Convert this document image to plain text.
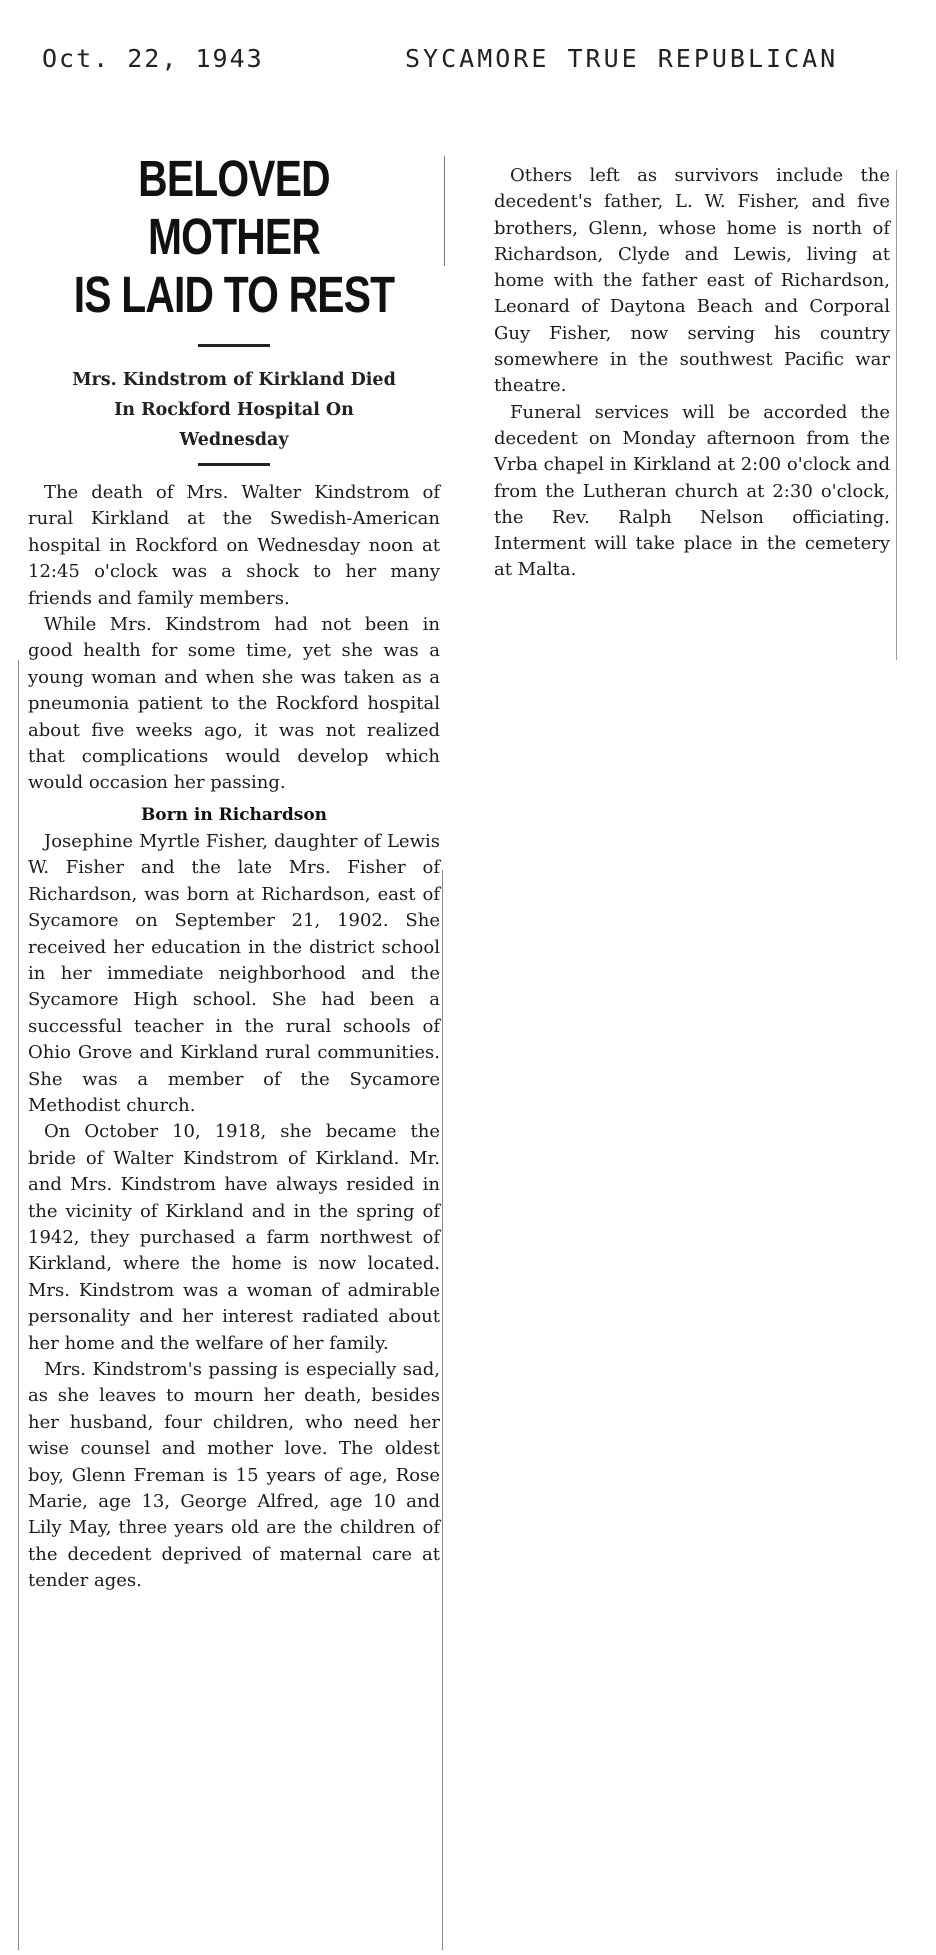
Oct. 22, 1943	SYCAMORE TRUE REPUBLICAN

BELOVED MOTHER

IS LAID TO REST

Mrs. Kindstrom of Kirkland Died

In Rockford Hospital On

Wednesday

The death of Mrs. Walter Kindstrom of rural Kirkland at the Swedish-American hospital in Rockford on Wednesday noon at 12:45 o'clock was a shock to her many friends and family members.

While Mrs. Kindstrom had not been in good health for some time, yet she was a young woman and when she was taken as a pneumonia patient to the Rockford hospital about five weeks ago, it was not realized that complications would develop which would occasion her passing.

Born in Richardson

Josephine Myrtle Fisher, daughter of Lewis W. Fisher and the late Mrs. Fisher of Richardson, was born at Richardson, east of Sycamore on September 21, 1902. She received her education in the district school in her immediate neighborhood and the Sycamore High school. She had been a successful teacher in the rural schools of Ohio Grove and Kirkland rural communities. She was a member of the Sycamore Methodist church.

On October 10, 1918, she became the bride of Walter Kindstrom of Kirkland. Mr. and Mrs. Kindstrom have always resided in the vicinity of Kirkland and in the spring of 1942, they purchased a farm northwest of Kirkland, where the home is now located. Mrs. Kindstrom was a woman of admirable personality and her interest radiated about her home and the welfare of her family.

Mrs. Kindstrom's passing is especially sad, as she leaves to mourn her death, besides her husband, four children, who need her wise counsel and mother love. The oldest boy, Glenn Freman is 15 years of age, Rose Marie, age 13, George Alfred, age 10 and Lily May, three years old are the children of the decedent deprived of maternal care at tender ages.

Others left as survivors include the decedent's father, L. W. Fisher, and five brothers, Glenn, whose home is north of Richardson, Clyde and Lewis, living at home with the father east of Richardson, Leonard of Daytona Beach and Corporal Guy Fisher, now serving his country somewhere in the southwest Pacific war theatre.

Funeral services will be accorded the decedent on Monday afternoon from the Vrba chapel in Kirkland at 2:00 o'clock and from the Lutheran church at 2:30 o'clock, the Rev. Ralph Nelson officiating. Interment will take place in the cemetery at Malta.
